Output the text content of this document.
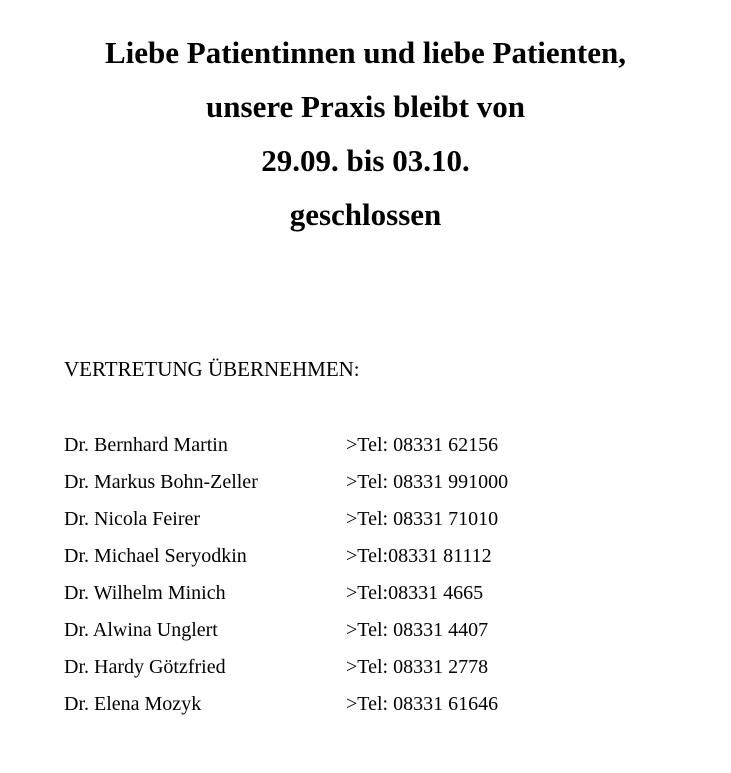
Liebe Patientinnen und liebe Patienten,
unsere Praxis bleibt von
29.09. bis 03.10.
geschlossen
VERTRETUNG ÜBERNEHMEN:
Dr. Bernhard Martin	>Tel: 08331 62156
Dr. Markus Bohn-Zeller	>Tel: 08331 991000
Dr. Nicola Feirer	>Tel: 08331 71010
Dr. Michael Seryodkin	>Tel:08331 81112
Dr. Wilhelm Minich	>Tel:08331 4665
Dr. Alwina Unglert	>Tel: 08331 4407
Dr. Hardy Götzfried	>Tel: 08331 2778
Dr. Elena Mozyk	>Tel: 08331 61646
